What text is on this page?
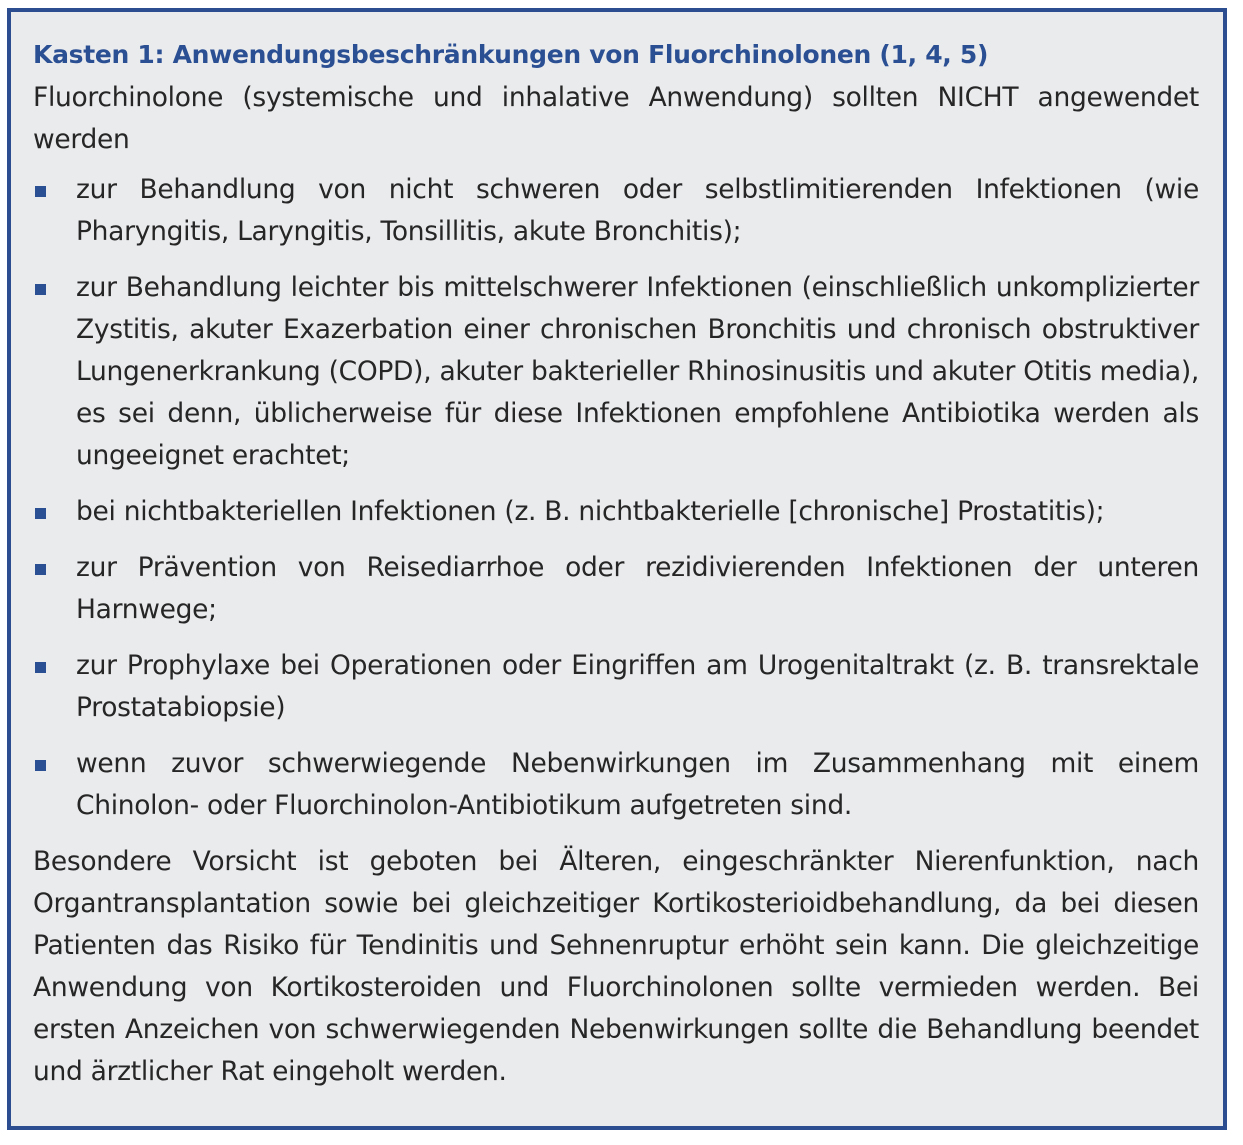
Kasten 1: Anwendungsbeschränkungen von Fluorchinolonen (1, 4, 5)

Fluorchinolone (systemische und inhalative Anwendung) sollten NICHT angewendet werden

zur Behandlung von nicht schweren oder selbstlimitierenden Infektionen (wie Pharyngitis, Laryngitis, Tonsillitis, akute Bronchitis);
zur Behandlung leichter bis mittelschwerer Infektionen (einschließlich unkomplizierter Zystitis, akuter Exazerbation einer chronischen Bronchitis und chronisch obstruktiver Lungenerkrankung (COPD), akuter bakterieller Rhinosinusitis und akuter Otitis media), es sei denn, üblicherweise für diese Infektionen empfohlene Antibiotika werden als ungeeignet erachtet;
bei nichtbakteriellen Infektionen (z. B. nichtbakterielle [chronische] Prostatitis);
zur Prävention von Reisediarrhoe oder rezidivierenden Infektionen der unteren Harnwege;
zur Prophylaxe bei Operationen oder Eingriffen am Urogenitaltrakt (z. B. transrektale Prostatabiopsie)
wenn zuvor schwerwiegende Nebenwirkungen im Zusammenhang mit einem Chinolon- oder Fluorchinolon-Antibiotikum aufgetreten sind.

Besondere Vorsicht ist geboten bei Älteren, eingeschränkter Nierenfunktion, nach Organtransplantation sowie bei gleichzeitiger Kortikosterioidbehandlung, da bei diesen Patienten das Risiko für Tendinitis und Sehnenruptur erhöht sein kann. Die gleichzeitige Anwendung von Kortikosteroiden und Fluorchinolonen sollte vermieden werden. Bei ersten Anzeichen von schwerwiegenden Nebenwirkungen sollte die Behandlung beendet und ärztlicher Rat eingeholt werden.
